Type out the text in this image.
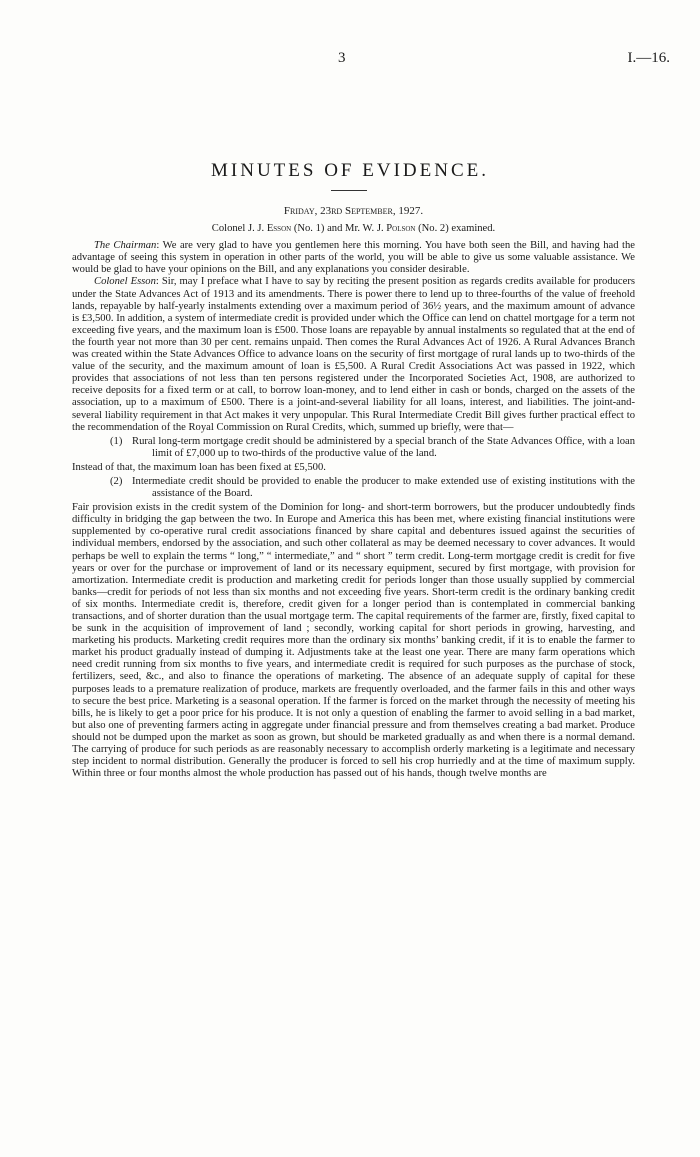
3	I.—16.
MINUTES OF EVIDENCE.
Friday, 23rd September, 1927.
Colonel J. J. Esson (No. 1) and Mr. W. J. Polson (No. 2) examined.

The Chairman: We are very glad to have you gentlemen here this morning. You have both seen the Bill, and having had the advantage of seeing this system in operation in other parts of the world, you will be able to give us some valuable assistance. We would be glad to have your opinions on the Bill, and any explanations you consider desirable.

Colonel Esson: Sir, may I preface what I have to say by reciting the present position as regards credits available for producers under the State Advances Act of 1913 and its amendments. There is power there to lend up to three-fourths of the value of freehold lands, repayable by half-yearly instalments extending over a maximum period of 36½ years, and the maximum amount of advance is £3,500. In addition, a system of intermediate credit is provided under which the Office can lend on chattel mortgage for a term not exceeding five years, and the maximum loan is £500. Those loans are repayable by annual instalments so regulated that at the end of the fourth year not more than 30 per cent. remains unpaid. Then comes the Rural Advances Act of 1926. A Rural Advances Branch was created within the State Advances Office to advance loans on the security of first mortgage of rural lands up to two-thirds of the value of the security, and the maximum amount of loan is £5,500. A Rural Credit Associations Act was passed in 1922, which provides that associations of not less than ten persons registered under the Incorporated Societies Act, 1908, are authorized to receive deposits for a fixed term or at call, to borrow loan-money, and to lend either in cash or bonds, charged on the assets of the association, up to a maximum of £500. There is a joint-and-several liability for all loans, interest, and liabilities. The joint-and-several liability requirement in that Act makes it very unpopular. This Rural Intermediate Credit Bill gives further practical effect to the recommendation of the Royal Commission on Rural Credits, which, summed up briefly, were that—

(1) Rural long-term mortgage credit should be administered by a special branch of the State Advances Office, with a loan limit of £7,000 up to two-thirds of the productive value of the land.

Instead of that, the maximum loan has been fixed at £5,500.

(2) Intermediate credit should be provided to enable the producer to make extended use of existing institutions with the assistance of the Board.

Fair provision exists in the credit system of the Dominion for long- and short-term borrowers, but the producer undoubtedly finds difficulty in bridging the gap between the two. In Europe and America this has been met, where existing financial institutions were supplemented by co-operative rural credit associations financed by share capital and debentures issued against the securities of individual members, endorsed by the association, and such other collateral as may be deemed necessary to cover advances. It would perhaps be well to explain the terms “ long,” “ intermediate,” and “ short ” term credit. Long-term mortgage credit is credit for five years or over for the purchase or improvement of land or its necessary equipment, secured by first mortgage, with provision for amortization. Intermediate credit is production and marketing credit for periods longer than those usually supplied by commercial banks—credit for periods of not less than six months and not exceeding five years. Short-term credit is the ordinary banking credit of six months. Intermediate credit is, therefore, credit given for a longer period than is contemplated in commercial banking transactions, and of shorter duration than the usual mortgage term. The capital requirements of the farmer are, firstly, fixed capital to be sunk in the acquisition of improvement of land ; secondly, working capital for short periods in growing, harvesting, and marketing his products. Marketing credit requires more than the ordinary six months’ banking credit, if it is to enable the farmer to market his product gradually instead of dumping it. Adjustments take at the least one year. There are many farm operations which need credit running from six months to five years, and intermediate credit is required for such purposes as the purchase of stock, fertilizers, seed, &c., and also to finance the operations of marketing. The absence of an adequate supply of capital for these purposes leads to a premature realization of produce, markets are frequently overloaded, and the farmer fails in this and other ways to secure the best price. Marketing is a seasonal operation. If the farmer is forced on the market through the necessity of meeting his bills, he is likely to get a poor price for his produce. It is not only a question of enabling the farmer to avoid selling in a bad market, but also one of preventing farmers acting in aggregate under financial pressure and from themselves creating a bad market. Produce should not be dumped upon the market as soon as grown, but should be marketed gradually as and when there is a normal demand. The carrying of produce for such periods as are reasonably necessary to accomplish orderly marketing is a legitimate and necessary step incident to normal distribution. Generally the producer is forced to sell his crop hurriedly and at the time of maximum supply. Within three or four months almost the whole production has passed out of his hands, though twelve months are
